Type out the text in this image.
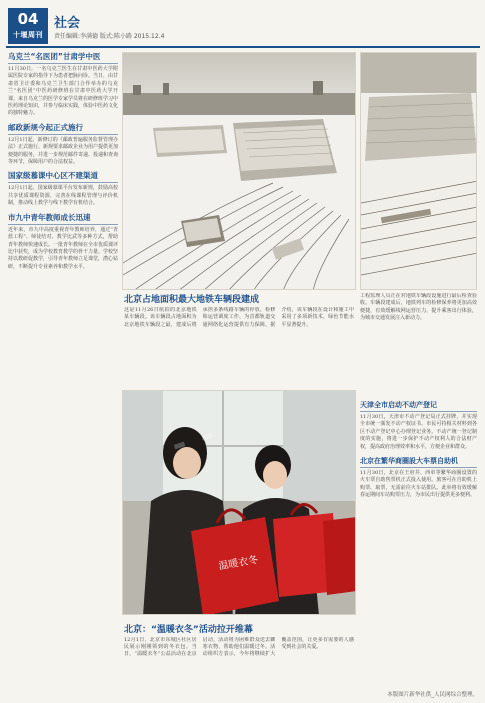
04
十堰周刊
社会
责任编辑:李满德 版式:陈小路 2015.12.4
乌克兰“名医团”甘肃学中医
11月30日，一名乌克兰医生在甘肃中医药大学附属医院专家的指导下为患者把脉问诊。当日，由甘肃省卫计委和乌克兰卫生部门合作举办的乌克兰“名医团”中医药研修班在甘肃中医药大学开课。来自乌克兰的医学专家学员将在研修班学习中医药理论知识，并参与临床实践，体验中医药文化的独特魅力。
邮政新规今起正式施行
12月1日起，新修订的《邮政普遍服务监督管理办法》正式施行。新规要求邮政企业为用户提供更加便捷的服务，并进一步规范邮件寄递、投递和查询等环节，保障用户的合法权益。
国家级慕课中心区不建渠道
12月1日起，国家级慕课平台发布新规，鼓励高校共享优质课程资源，完善在线课程管理与评价机制，推动线上教学与线下教学有机结合。
市九中青年教师成长迅速
近年来，市九中高度重视青年教师培养，通过“青蓝工程”、师徒结对、教学比武等多种方式，帮助青年教师快速成长。一批青年教师在全市优质课评比中获奖，成为学校教育教学的骨干力量。学校坚持以教研促教学，引导青年教师立足课堂，潜心钻研，不断提升专业素养和教学水平。
北京占地面积最大地铁车辆段建成
这是11月26日航拍的北京地铁某车辆段。该车辆段占地面积为北京地铁车辆段之最，建成后将承担多条线路车辆的停放、检修和运营调度工作，为首都轨道交通网络化运营提供有力保障。据介绍，该车辆段在设计和施工中采用了多项新技术，绿色节能水平显著提升。
工程监理人员正在对地铁车辆段设施进行最后检查验收。车辆段建成后，地铁列车的检修保养将更加高效便捷，有效缓解线网运营压力，提升乘客出行体验，为城市交通发展注入新动力。
温暖衣冬
⁃ ⁃
北京：“温暖衣冬”活动拉开维幕
12月1日，北京市东城区社区居民展示刚刚领到的冬衣包。当日，“温暖衣冬”公益活动在北京启动，活动将为困难群众送去御寒衣物，帮助他们温暖过冬。活动组织方表示，今年将继续扩大覆盖范围，让更多有需要的人感受到社会的关爱。
天津全市启动不动产登记
11月30日，天津市不动产登记局正式挂牌，并实现全市统一颁发不动产权证书。市民可持相关材料到各区不动产登记中心办理登记业务。不动产统一登记制度的实施，将进一步保护不动产权利人的合法财产权，提高政府治理效率和水平，方便企业和群众。
北京在繁华商圈設大车票自助机
11月30日，北京在王府井、西单等繁华商圈设置的火车票自助售票机正式投入使用。旅客可在自助机上购票、取票，无需前往火车站排队。此举将有效缓解春运期间车站购票压力，为市民出行提供更多便利。
本版图片新华社供_人民网综合整理。
